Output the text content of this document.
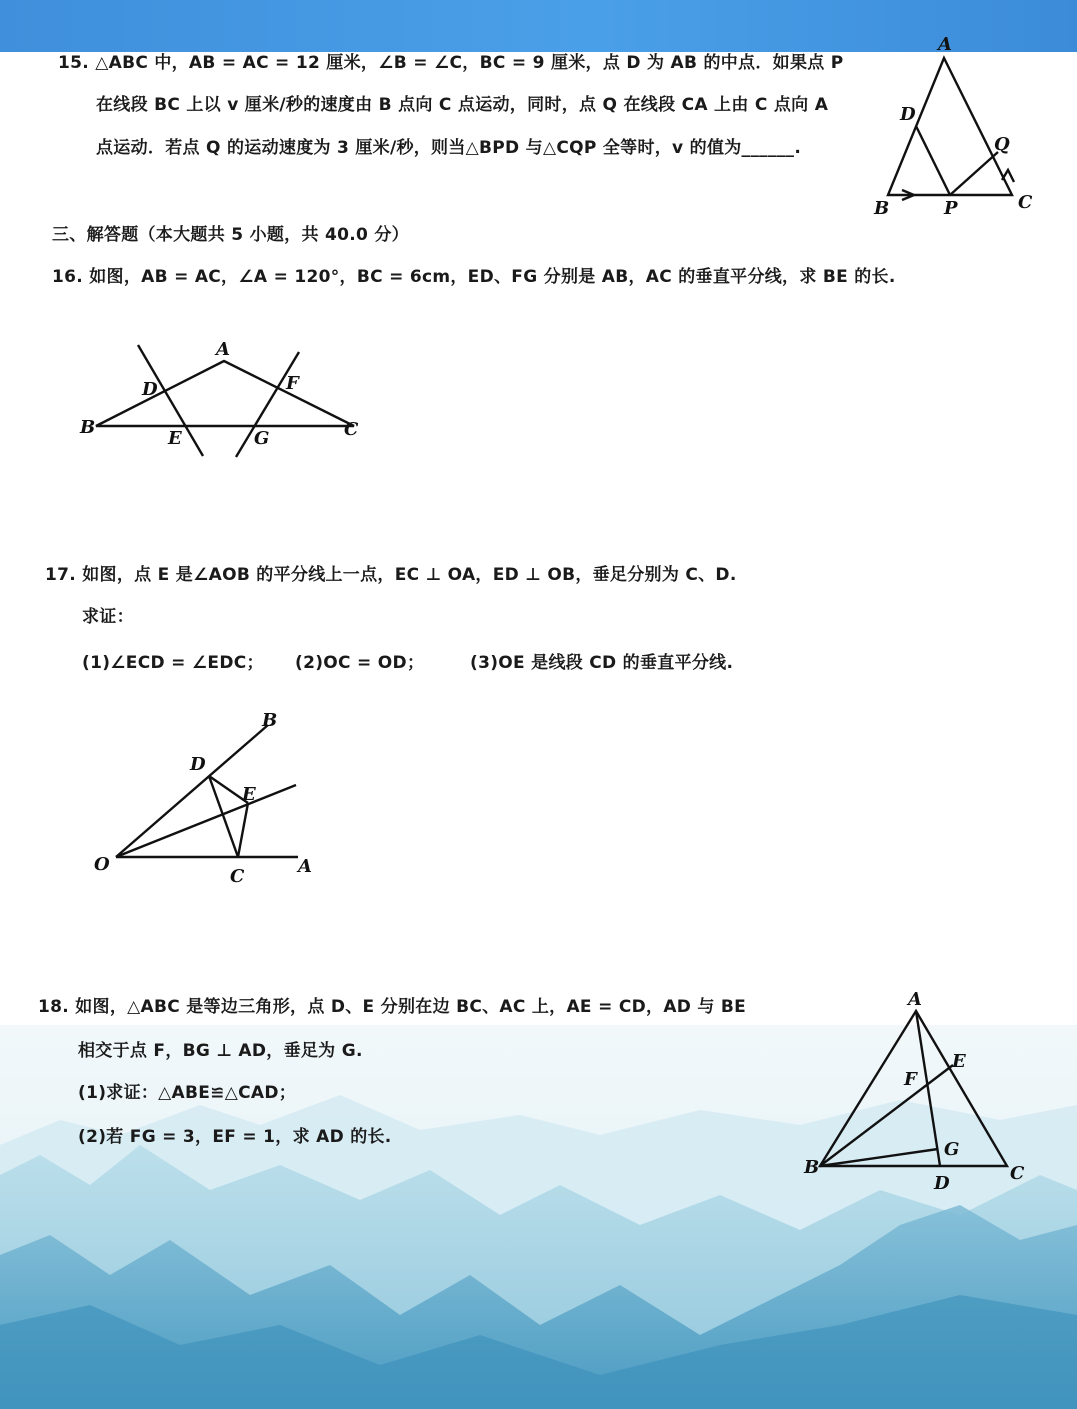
15. △ABC 中，AB = AC = 12 厘米，∠B = ∠C，BC = 9 厘米，点 D 为 AB 的中点．如果点 P
在线段 BC 上以 v 厘米/秒的速度由 B 点向 C 点运动，同时，点 Q 在线段 CA 上由 C 点向 A
点运动．若点 Q 的运动速度为 3 厘米/秒，则当△BPD 与△CQP 全等时，v 的值为______.
A
D
Q
B	P	C
三、解答题（本大题共 5 小题，共 40.0 分）
16. 如图，AB = AC，∠A = 120°，BC = 6cm，ED、FG 分别是 AB，AC 的垂直平分线，求 BE 的长.
A
D	F
B
E	G	C
17. 如图，点 E 是∠AOB 的平分线上一点，EC ⊥ OA，ED ⊥ OB，垂足分别为 C、D.
求证：
(1)∠ECD = ∠EDC； (2)OC = OD；	(3)OE 是线段 CD 的垂直平分线.
B
D
E
O
C	A
18. 如图，△ABC 是等边三角形，点 D、E 分别在边 BC、AC 上，AE = CD，AD 与 BE
相交于点 F，BG ⊥ AD，垂足为 G.
(1)求证：△ABE≌△CAD；
(2)若 FG = 3，EF = 1，求 AD 的长.
A
E
F
G
B
D	C
